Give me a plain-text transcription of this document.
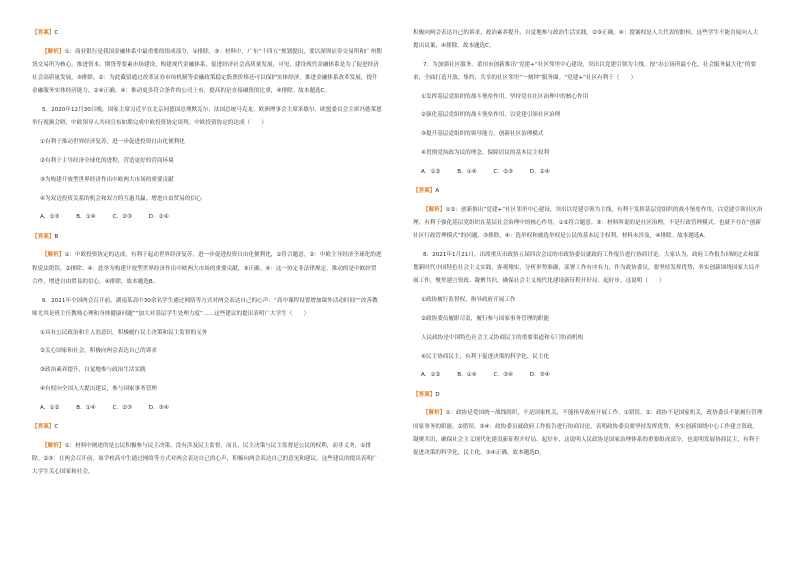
【答案】C

【解析】①：商业银行是我国金融体系中最重要的组成部分，①排除。③：材料中，广东“十四五”规划提出，要以深圳证券交易所和广州期货交易所为核心，推进资本、期货等要素市场建设，构建现代金融体系，促进经济社会高质量发展，可见，建设现代金融体系是为了促进经济社会高质量发展，③排除。②：为此截留通过改革证券市场机制等金融政策稳定股票价格还可以保护实体经济，推进金融体系改革发展，提升金融服务实体经济能力，②④正确。④：推动更多符合条件的公司上市，提高的是直接融资的比重，④排除。故本题选C。

5．2020年12月30日晚，国家主席习近平在北京同德国总理默克尔、法国总统马克龙、欧洲理事会主席米歇尔、欧盟委员会主席冯德莱恩举行视频会晤，中欧领导人共同宣布如期完成中欧投资协定谈判。中欧投资协定的达成（　　）

①有利于推动世界经济复苏，进一步促进投资自由化便利化

②有利于主导经济全球化的进程，营造更好的营商环境

③为构建开放型世界经济作出中欧两大市场的重要贡献

④为双边投资关系的机会和双方的互惠共赢，增进自由贸易的信心

A．①③　　　B．①④　　　C．②③　　　D．②④

【答案】B

【解析】①：中欧投资协定的达成，有利于起动世界经济复苏，进一步促进投资自由化便利化，①符合题意。②：中欧主导经济全球化的进程说法错误，②排除。④：此举为构建开放型世界经济作出中欧两大市场的重要贡献，③正确。④：这一协定非法律规定，推动的是中欧经贸合作，增进自由贸易的信心，④排除。故本题选B。

6．2021年全国两会召开前，湖南某高中30余名学生通过网络等方式对两会表达自己的心声：“高中课程设置增加课外活动时间”“改善教师尤其是班主任教师心理和身体健康问题”“加大对基层学生处理力度”……这些建议的提出表明广大学生（　　）

①具有公民政治和主人翁意识，积极履行民主决策和民主监督的义务

②关心国家和社会，积极向两会表达自己的诉求

③政治素养提升，自觉地参与政治生活实践

④有权向全国人大提出建议，参与国家事务管理

A．①②　　　B．①④　　　C．②③　　　D．③④

【答案】C

【解析】①：材料中阐述的是公民积极参与民主决策，没有涉及民主监督，而且，民主决策与民主监督是公民的权利，而非义务，①排除。②③：在两会召开前，该学校高中生通过网络等方式对两会表达自己的心声，积极向两会表达自己的意见和建议，这些建议的提出表明广大学生关心国家和社会，

积极向两会表达自己的诉求，政治素养提升，自觉地参与政治生活实践，②③正确。④：提案权是人大代表的职权，这些学生不能直接向人大提出议案，④排除。故本题选C。

7．为加强社区服务，莆田市创新推出“党建+”社区邻里中心建设，突出以党建引领为主线，按“办公场所最小化，社会服务最大化”的要求，全面打造开放、集约、共享的社区邻里“一刻钟”服务圈。“党建+”社区有利于（　　）

①发挥基层党组织的战斗堡垒作用，坚持党在社区治理中的核心作用

②强化基层党组织的战斗堡垒作用，以党建引领社区治理

③提升基层党组织的领导能力，创新社区治理模式

④贯彻党执政为民的理念，保障居民的基本民主权利

A．①②　　　B．①④　　　C．②③　　　D．②④

【答案】A

【解析】①②：创新推出“党建+”社区邻里中心建设，突出以党建引领为主线，有利于发挥基层党组织的战斗堡垒作用，以党建引领社区治理，有利于强化基层党组织在基层社会治理中的核心作用，①②符合题意。③：材料所说的是社区治理，不是行政管理模式，也就不存在“创新社区行政管理模式”的问题，③排除。④：选举权和被选举权是公民的基本民主权利，材料未涉及，④排除。故本题选A。

8．2021年1月21日，出席重庆市政协五届四次会议的市政协委员就政府工作报告进行协商讨论。大家认为，政府工作报告回顾过去和谋划新时代中国特色社会主义实践，客观翔实，分析形势准确，部署工作有序有力，作为政协委员，要坚持发挥优势，务实创新围绕国家大局开展工作，聚焦建言资政、凝聚共识，确保社会主义现代化建设新征程开好局、起好步。这说明（　　）

①政协履行监督权，指导政府开展工作

②政协委员履职尽责，履行参与国家事务管理的职能

人民政协是中国特色社会主义协商民主的重要渠道和专门协商机构

④民主协商民主，有利于促进决策的科学化、民主化

A．①②　　　B．①④　　　C．③④　　　D．③④

【答案】D

【解析】①：政协是爱国统一战线组织，不是国家机关，不能指导政府开展工作，①错误。②：政协不是国家机关，政协委员不能履行管理国家事务的职能，②错误。③④：政协委员就政府工作报告进行协商讨论，表明政协委员要坚持发挥优势，务实创新围绕中心工作建言资政、凝聚共识，确保社会主义现代化建设新征程开好局、起好步，这说明人民政协是国家治理体系的重要组成部分，也说明发展协商民主，有利于促进决策的科学化、民主化，③④正确。故本题选D。
